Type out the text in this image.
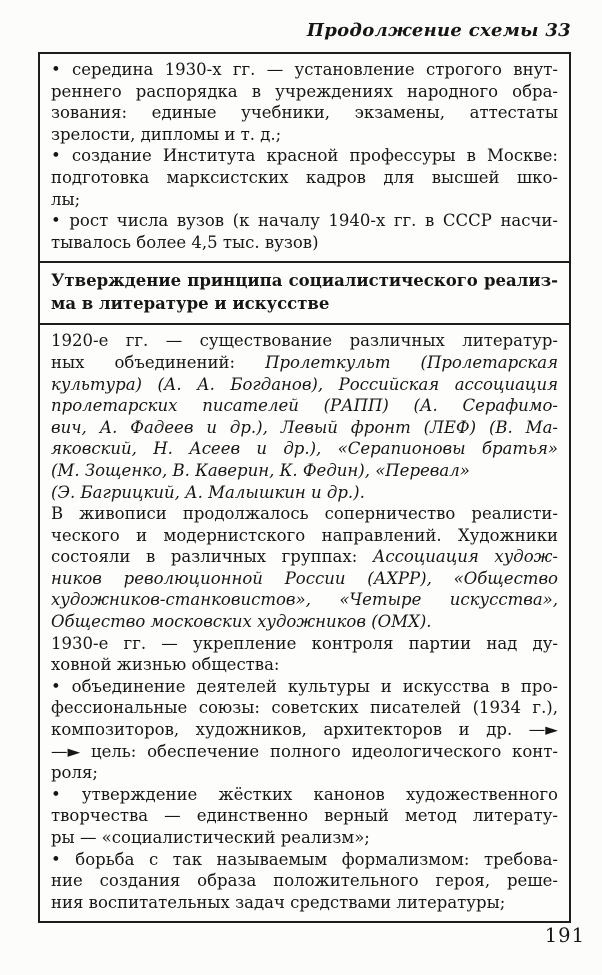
Продолжение схемы 33
• середина 1930-х гг. — установление строгого внут-
реннего распорядка в учреждениях народного обра-
зования: единые учебники, экзамены, аттестаты
зрелости, дипломы и т. д.;
• создание Института красной профессуры в Москве:
подготовка марксистских кадров для высшей шко-
лы;
• рост числа вузов (к началу 1940-х гг. в СССР насчи-
тывалось более 4,5 тыс. вузов)
Утверждение принципа социалистического реализ-
ма в литературе и искусстве
1920-е гг. — существование различных литератур-
ных объединений: Пролеткульт (Пролетарская
культура) (А. А. Богданов), Российская ассоциация
пролетарских писателей (РАПП) (А. Серафимо-
вич, А. Фадеев и др.), Левый фронт (ЛЕФ) (В. Ма-
яковский, Н. Асеев и др.), «Серапионовы братья»
(М. Зощенко, В. Каверин, К. Федин), «Перевал»
(Э. Багрицкий, А. Малышкин и др.).
В живописи продолжалось соперничество реалисти-
ческого и модернистского направлений. Художники
состояли в различных группах: Ассоциация худож-
ников революционной России (АХРР), «Общество
художников-станковистов», «Четыре искусства»,
Общество московских художников (ОМХ).
1930-е гг. — укрепление контроля партии над ду-
ховной жизнью общества:
• объединение деятелей культуры и искусства в про-
фессиональные союзы: советских писателей (1934 г.),
композиторов, художников, архитекторов и др. —►
—► цель: обеспечение полного идеологического конт-
роля;
• утверждение жёстких канонов художественного
творчества — единственно верный метод литерату-
ры — «социалистический реализм»;
• борьба с так называемым формализмом: требова-
ние создания образа положительного героя, реше-
ния воспитательных задач средствами литературы;
191
